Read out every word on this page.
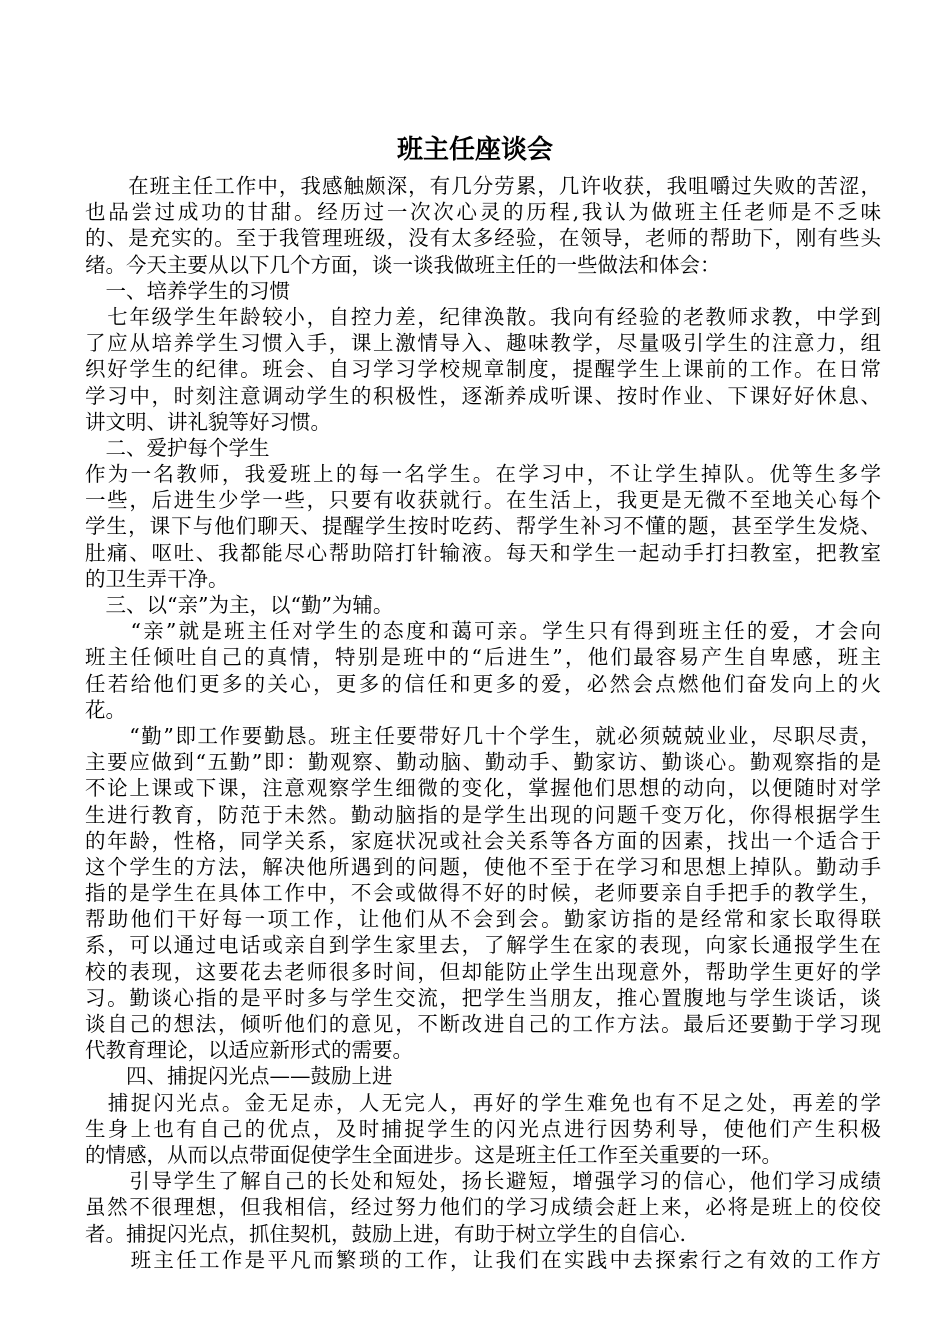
班主任座谈会
　　在班主任工作中，我感触颇深，有几分劳累，几许收获，我咀嚼过失败的苦涩，
也品尝过成功的甘甜。经历过一次次心灵的历程,我认为做班主任老师是不乏味
的、是充实的。至于我管理班级，没有太多经验，在领导，老师的帮助下，刚有些头
绪。今天主要从以下几个方面，谈一谈我做班主任的一些做法和体会：
　一、培养学生的习惯
　七年级学生年龄较小，自控力差，纪律涣散。我向有经验的老教师求教，中学到
了应从培养学生习惯入手，课上激情导入、趣味教学，尽量吸引学生的注意力，组
织好学生的纪律。班会、自习学习学校规章制度，提醒学生上课前的工作。在日常
学习中，时刻注意调动学生的积极性，逐渐养成听课、按时作业、下课好好休息、
讲文明、讲礼貌等好习惯。
　二、爱护每个学生
作为一名教师，我爱班上的每一名学生。在学习中，不让学生掉队。优等生多学
一些，后进生少学一些，只要有收获就行。在生活上，我更是无微不至地关心每个
学生，课下与他们聊天、提醒学生按时吃药、帮学生补习不懂的题，甚至学生发烧、
肚痛、呕吐、我都能尽心帮助陪打针输液。每天和学生一起动手打扫教室，把教室
的卫生弄干净。
　三、以“亲”为主，以“勤”为辅。
　　“亲”就是班主任对学生的态度和蔼可亲。学生只有得到班主任的爱，才会向
班主任倾吐自己的真情，特别是班中的“后进生”，他们最容易产生自卑感，班主
任若给他们更多的关心，更多的信任和更多的爱，必然会点燃他们奋发向上的火
花。
　　“勤”即工作要勤恳。班主任要带好几十个学生，就必须兢兢业业，尽职尽责，
主要应做到“五勤”即：勤观察、勤动脑、勤动手、勤家访、勤谈心。勤观察指的是
不论上课或下课，注意观察学生细微的变化，掌握他们思想的动向，以便随时对学
生进行教育，防范于未然。勤动脑指的是学生出现的问题千变万化，你得根据学生
的年龄，性格，同学关系，家庭状况或社会关系等各方面的因素，找出一个适合于
这个学生的方法，解决他所遇到的问题，使他不至于在学习和思想上掉队。勤动手
指的是学生在具体工作中，不会或做得不好的时候，老师要亲自手把手的教学生，
帮助他们干好每一项工作，让他们从不会到会。勤家访指的是经常和家长取得联
系，可以通过电话或亲自到学生家里去，了解学生在家的表现，向家长通报学生在
校的表现，这要花去老师很多时间，但却能防止学生出现意外，帮助学生更好的学
习。勤谈心指的是平时多与学生交流，把学生当朋友，推心置腹地与学生谈话，谈
谈自己的想法，倾听他们的意见，不断改进自己的工作方法。最后还要勤于学习现
代教育理论，以适应新形式的需要。
　　四、捕捉闪光点——鼓励上进
　捕捉闪光点。金无足赤，人无完人，再好的学生难免也有不足之处，再差的学
生身上也有自己的优点，及时捕捉学生的闪光点进行因势利导，使他们产生积极
的情感，从而以点带面促使学生全面进步。这是班主任工作至关重要的一环。
　　引导学生了解自己的长处和短处，扬长避短，增强学习的信心，他们学习成绩
虽然不很理想，但我相信，经过努力他们的学习成绩会赶上来，必将是班上的佼佼
者。捕捉闪光点，抓住契机，鼓励上进，有助于树立学生的自信心.
　　班主任工作是平凡而繁琐的工作，让我们在实践中去探索行之有效的工作方
